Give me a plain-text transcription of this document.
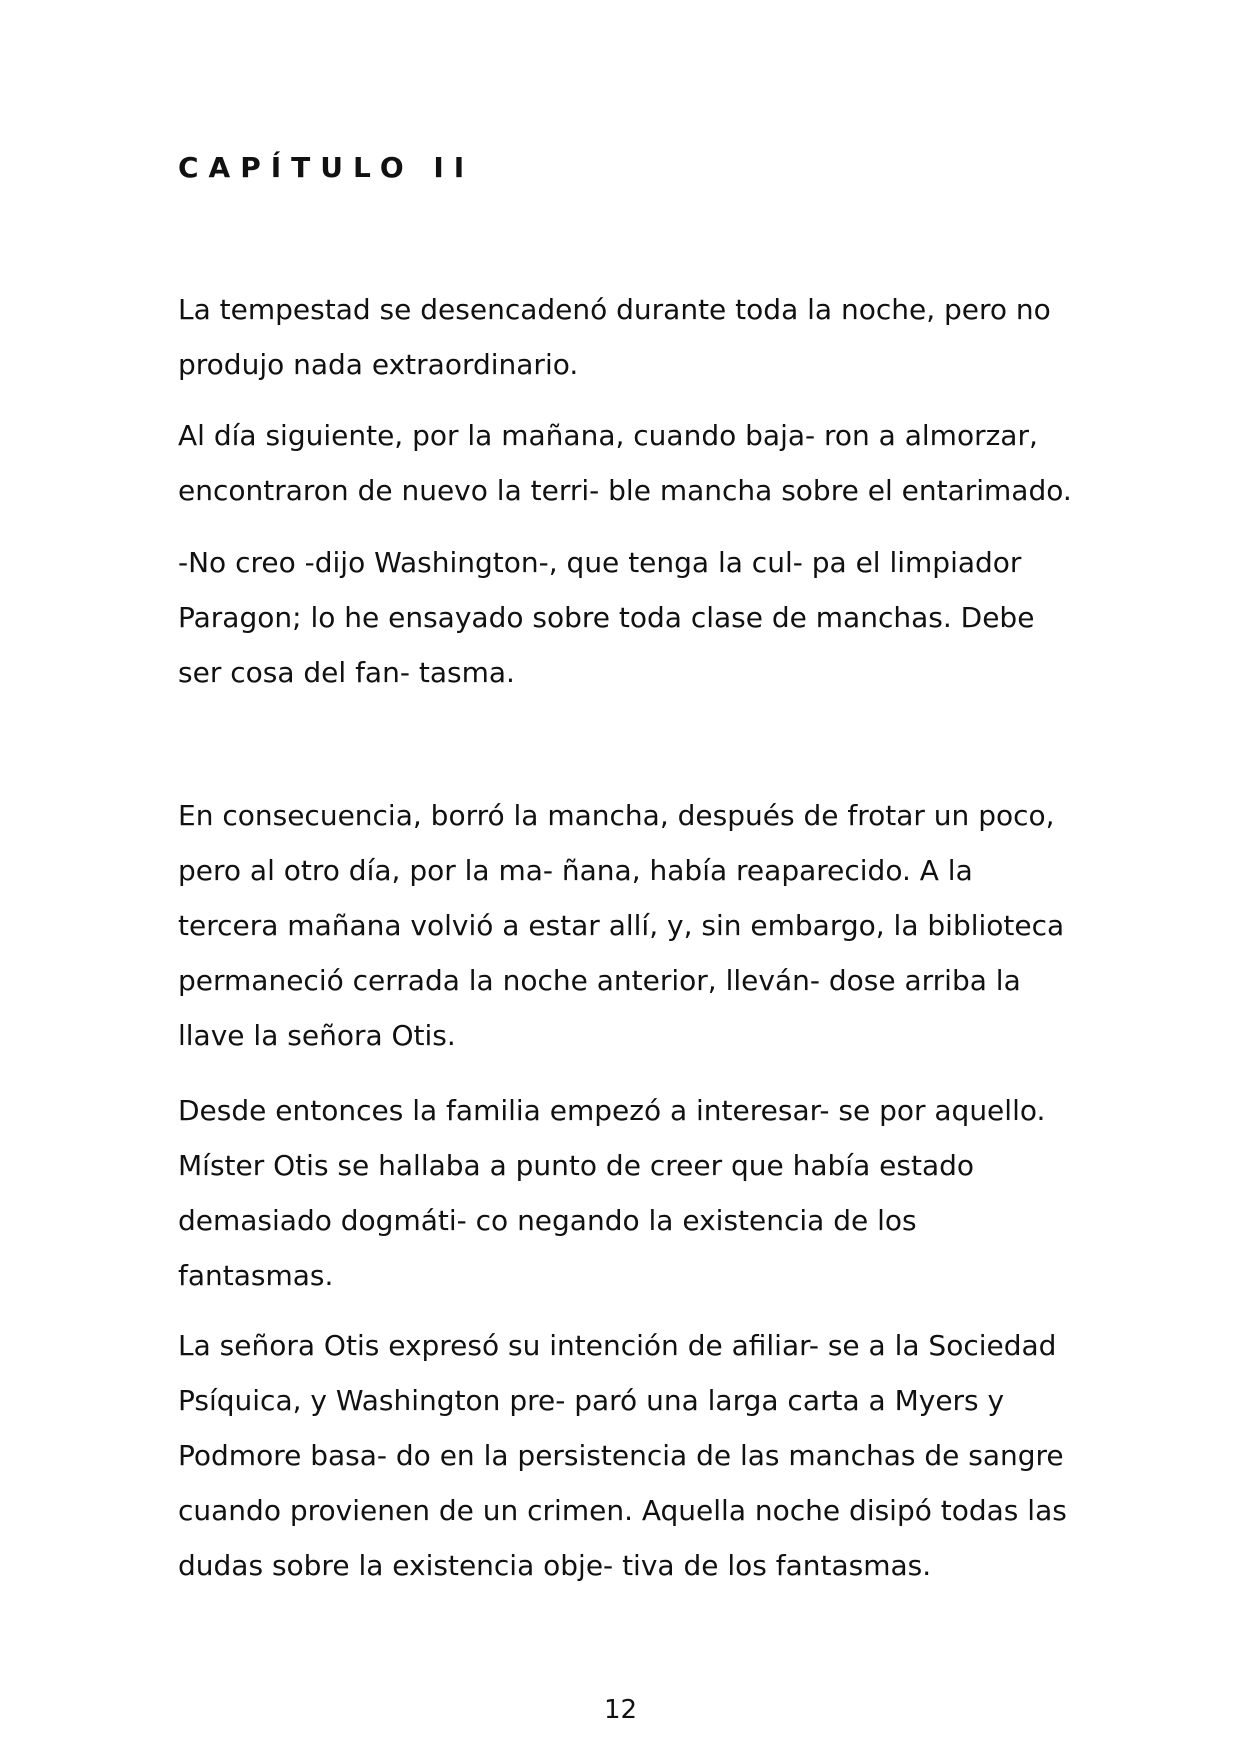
CAPÍTULO II

La tempestad se desencadenó durante toda la noche, pero no
produjo nada extraordinario.

Al día siguiente, por la mañana, cuando baja- ron a almorzar,
encontraron de nuevo la terri- ble mancha sobre el entarimado.

-No creo -dijo Washington-, que tenga la cul- pa el limpiador
Paragon; lo he ensayado sobre toda clase de manchas. Debe
ser cosa del fan- tasma.

En consecuencia, borró la mancha, después de frotar un poco,
pero al otro día, por la ma- ñana, había reaparecido. A la
tercera mañana volvió a estar allí, y, sin embargo, la biblioteca
permaneció cerrada la noche anterior, lleván- dose arriba la
llave la señora Otis.

Desde entonces la familia empezó a interesar- se por aquello.
Míster Otis se hallaba a punto de creer que había estado
demasiado dogmáti- co negando la existencia de los
fantasmas.

La señora Otis expresó su intención de afiliar- se a la Sociedad
Psíquica, y Washington pre- paró una larga carta a Myers y
Podmore basa- do en la persistencia de las manchas de sangre
cuando provienen de un crimen. Aquella noche disipó todas las
dudas sobre la existencia obje- tiva de los fantasmas.

12
